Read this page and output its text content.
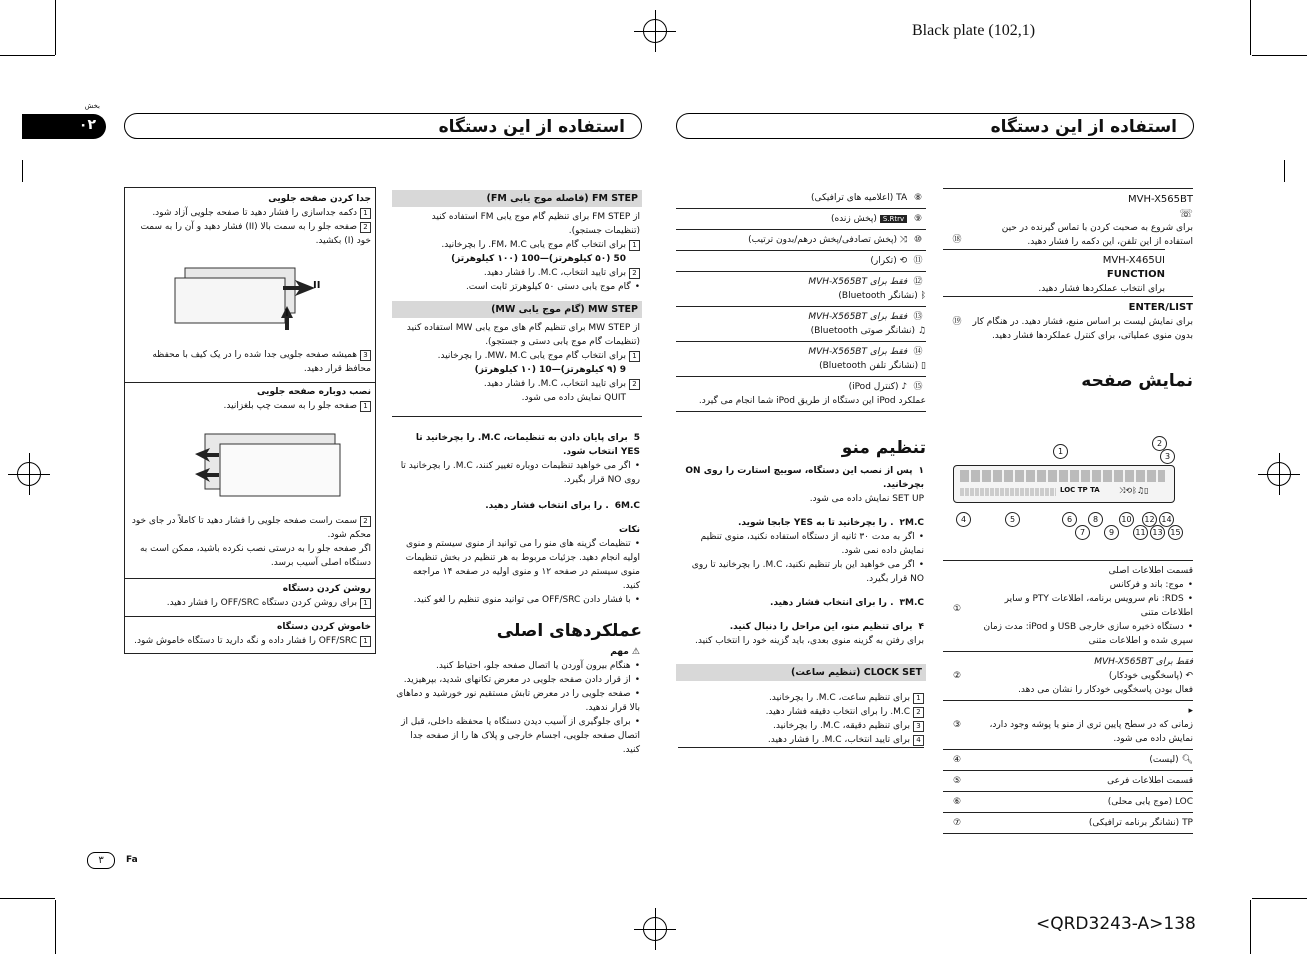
Black plate (102,1)
بخش
۰۲	استفاده از این دستگاه	استفاده از این دستگاه
جدا کردن صفحه جلویی
1دکمه جداسازی را فشار دهید تا صفحه جلویی آزاد شود.
2صفحه جلو را به سمت بالا (II) فشار دهید و آن را به سمت خود (I) بکشید.
II
I
3همیشه صفحه جلویی جدا شده را در یک کیف با محفظه محافظ قرار دهید.
نصب دوباره صفحه جلویی
1صفحه جلو را به سمت چپ بلغزانید.
2سمت راست صفحه جلویی را فشار دهید تا کاملاً در جای خود محکم شود.
اگر صفحه جلو را به درستی نصب نکرده باشید، ممکن است به دستگاه اصلی آسیب برسد.
روشن کردن دستگاه
1برای روشن کردن دستگاه OFF/SRC را فشار دهید.
خاموش کردن دستگاه
1OFF/SRC را فشار داده و نگه دارید تا دستگاه خاموش شود.
FM STEP (فاصله موج یابی FM)
از FM STEP برای تنظیم گام موج یابی FM استفاده کنید (تنظیمات جستجو).
1برای انتخاب گام موج یابی FM، M.C. را بچرخانید.
50 (۵۰ کیلوهرتز)—100 (۱۰۰ کیلوهرتز)
2برای تایید انتخاب، M.C. را فشار دهید.
• گام موج یابی دستی ۵۰ کیلوهرتز ثابت است.
MW STEP (گام موج یابی MW)
از MW STEP برای تنظیم گام های موج یابی MW استفاده کنید (تنظیمات گام موج یابی دستی و جستجو).
1برای انتخاب گام موج یابی MW، M.C. را بچرخانید.
9 (۹ کیلوهرتز)—10 (۱۰ کیلوهرتز)
2برای تایید انتخاب، M.C. را فشار دهید.
QUIT نمایش داده می شود.
5برای پایان دادن به تنظیمات، M.C. را بچرخانید تا YES انتخاب شود.
• اگر می خواهید تنظیمات دوباره تغییر کنند، M.C. را بچرخانید تا روی NO قرار بگیرد.
6M.C. را برای انتخاب فشار دهید.
نکات
• تنظیمات گزینه های منو را می توانید از منوی سیستم و منوی اولیه انجام دهید. جزئیات مربوط به هر تنظیم در بخش تنظیمات منوی سیستم در صفحه ۱۲ و منوی اولیه در صفحه ۱۴ مراجعه کنید.
• با فشار دادن OFF/SRC می توانید منوی تنظیم را لغو کنید.
عملکردهای اصلی
⚠ مهم
• هنگام بیرون آوردن یا اتصال صفحه جلو، احتیاط کنید.
• از قرار دادن صفحه جلویی در معرض تکانهای شدید، بپرهیزید.
• صفحه جلویی را در معرض تابش مستقیم نور خورشید و دماهای بالا قرار ندهید.
• برای جلوگیری از آسیب دیدن دستگاه یا محفظه داخلی، قبل از اتصال صفحه جلویی، اجسام خارجی و پلاک ها را از صفحه جدا کنید.
⑧ TA (اعلامیه های ترافیکی)
⑨ S.Rtrv (پخش زنده)
⑩ ⤨ (پخش تصادفی/پخش درهم/بدون ترتیب)
⑪ ⟲ (تکرار)
⑫ فقط برای MVH-X565BT
ᛒ (نشانگر Bluetooth)
⑬ فقط برای MVH-X565BT
♫ (نشانگر صوتی Bluetooth)
⑭ فقط برای MVH-X565BT
▯ (نشانگر تلفن Bluetooth)
⑮ ♪ (کنترل iPod)
عملکرد iPod این دستگاه از طریق iPod شما انجام می گیرد.
تنظیم منو
۱پس از نصب این دستگاه، سوییچ استارت را روی ON بچرخانید.
SET UP نمایش داده می شود.
۲M.C. را بچرخانید تا به YES جابجا شوید.
• اگر به مدت ۳۰ ثانیه از دستگاه استفاده نکنید، منوی تنظیم نمایش داده نمی شود.
• اگر می خواهید این بار تنظیم نکنید، M.C. را بچرخانید تا روی NO قرار بگیرد.
۳M.C. را برای انتخاب فشار دهید.
۴برای تنظیم منو، این مراحل را دنبال کنید.
برای رفتن به گزینه منوی بعدی، باید گزینه خود را انتخاب کنید.
CLOCK SET (تنظیم ساعت)
1برای تنظیم ساعت، M.C. را بچرخانید.
2M.C. را برای انتخاب دقیقه فشار دهید.
3برای تنظیم دقیقه، M.C. را بچرخانید.
4برای تایید انتخاب، M.C. را فشار دهید.
MVH-X565BT
☏
برای شروع به صحبت کردن با تماس گیرنده در حین استفاده از این تلفن، این دکمه را فشار دهید.
⑱
MVH-X465UI
FUNCTION
برای انتخاب عملکردها فشار دهید.
ENTER/LIST
برای نمایش لیست بر اساس منبع، فشار دهید. در هنگام کار بدون منوی عملیاتی، برای کنترل عملکردها فشار دهید.
⑲
نمایش صفحه
LOC TP TA ⤨⟲ᛒ♫▯
1
2
3
4	5	6
7
8
9
10
11
12
13
14
15
قسمت اطلاعات اصلی
• موج: باند و فرکانس
• RDS: نام سرویس برنامه، اطلاعات PTY و سایر اطلاعات متنی
• دستگاه ذخیره سازی خارجی USB و iPod: مدت زمان سپری شده و اطلاعات متنی
①
فقط برای MVH-X565BT
↶ (پاسخگویی خودکار)
فعال بودن پاسخگویی خودکار را نشان می دهد.
②
▸
زمانی که در سطح پایین تری از منو یا پوشه وجود دارد، نمایش داده می شود.
③
🔍︎ (لیست)
④
قسمت اطلاعات فرعی
⑤
LOC (موج یابی محلی)
⑥
TP (نشانگر برنامه ترافیکی)
⑦
۳	Fa
<QRD3243-A>138
